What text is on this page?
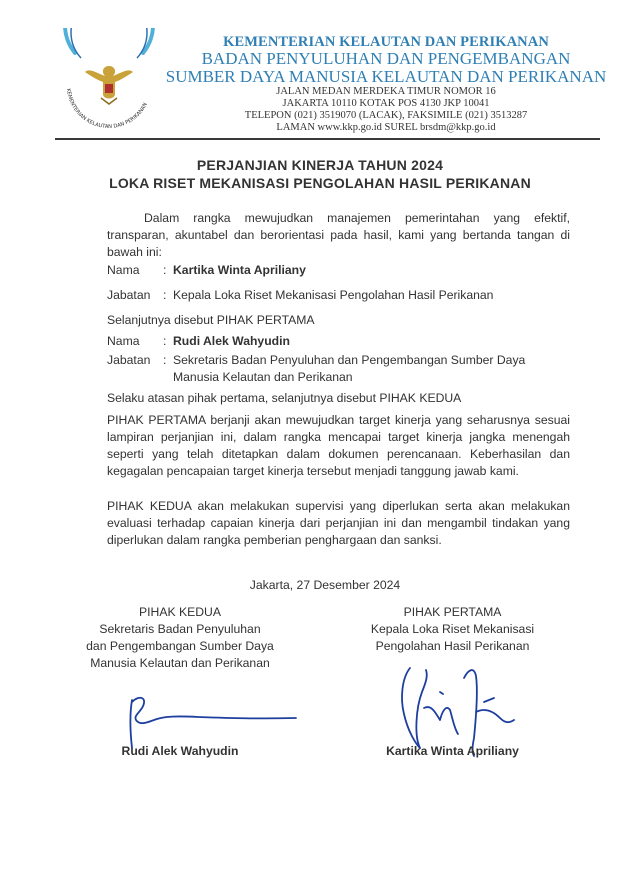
KEMENTERIAN KELAUTAN DAN PERIKANAN
KEMENTERIAN KELAUTAN DAN PERIKANAN
BADAN PENYULUHAN DAN PENGEMBANGAN
SUMBER DAYA MANUSIA KELAUTAN DAN PERIKANAN
JALAN MEDAN MERDEKA TIMUR NOMOR 16
JAKARTA 10110 KOTAK POS 4130 JKP 10041
TELEPON (021) 3519070 (LACAK), FAKSIMILE (021) 3513287
LAMAN www.kkp.go.id SUREL brsdm@kkp.go.id
PERJANJIAN KINERJA TAHUN 2024
LOKA RISET MEKANISASI PENGOLAHAN HASIL PERIKANAN
Dalam rangka mewujudkan manajemen pemerintahan yang efektif, transparan, akuntabel dan berorientasi pada hasil, kami yang bertanda tangan di bawah ini:
Nama : Kartika Winta Apriliany
Jabatan : Kepala Loka Riset Mekanisasi Pengolahan Hasil Perikanan
Selanjutnya disebut PIHAK PERTAMA
Nama : Rudi Alek Wahyudin
Jabatan : Sekretaris Badan Penyuluhan dan Pengembangan Sumber Daya
Manusia Kelautan dan Perikanan
Selaku atasan pihak pertama, selanjutnya disebut PIHAK KEDUA
PIHAK PERTAMA berjanji akan mewujudkan target kinerja yang seharusnya sesuai lampiran perjanjian ini, dalam rangka mencapai target kinerja jangka menengah seperti yang telah ditetapkan dalam dokumen perencanaan. Keberhasilan dan kegagalan pencapaian target kinerja tersebut menjadi tanggung jawab kami.
PIHAK KEDUA akan melakukan supervisi yang diperlukan serta akan melakukan evaluasi terhadap capaian kinerja dari perjanjian ini dan mengambil tindakan yang diperlukan dalam rangka pemberian penghargaan dan sanksi.
Jakarta, 27 Desember 2024
PIHAK KEDUA
Sekretaris Badan Penyuluhan
dan Pengembangan Sumber Daya
Manusia Kelautan dan Perikanan
PIHAK PERTAMA
Kepala Loka Riset Mekanisasi
Pengolahan Hasil Perikanan
Rudi Alek Wahyudin	Kartika Winta Apriliany
